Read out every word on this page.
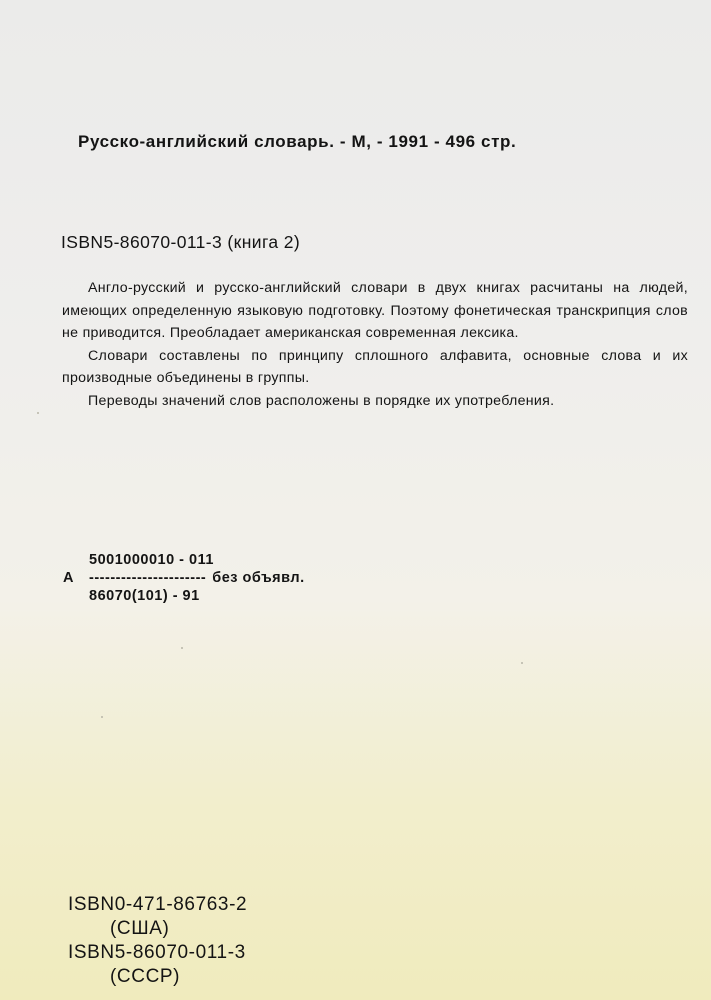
Русско-английский словарь. - М, - 1991 - 496 стр.
ISBN5-86070-011-3 (книга 2)

Англо-русский и русско-английский словари в двух книгах расчитаны на людей, имеющих определенную языковую подготовку. Поэтому фонетическая транскрипция слов не приводится. Преобладает американская современная лексика.

Словари составлены по принципу сплошного алфавита, основные слова и их производные объединены в группы.

Переводы значений слов расположены в порядке их употребления.

5001000010 - 011
А	---------------------- без объявл.
86070(101) - 91
ISBN0-471-86763-2
(США)
ISBN5-86070-011-3
(СССР)
